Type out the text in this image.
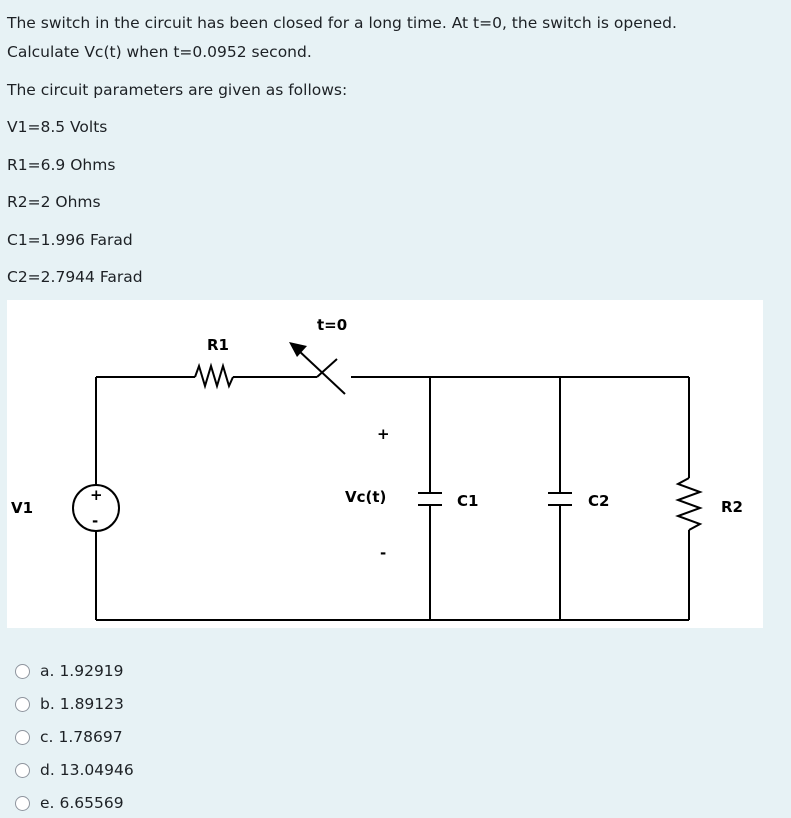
The switch in the circuit has been closed for a long time. At t=0, the switch is opened.
Calculate Vc(t) when t=0.0952 second.
The circuit parameters are given as follows:
V1=8.5 Volts
R1=6.9 Ohms
R2=2 Ohms
C1=1.996 Farad
C2=2.7944 Farad
V1
+
-
R1
t=0
+
Vc(t)
-
C1	C2	R2
a. 1.92919
b. 1.89123
c. 1.78697
d. 13.04946
e. 6.65569
